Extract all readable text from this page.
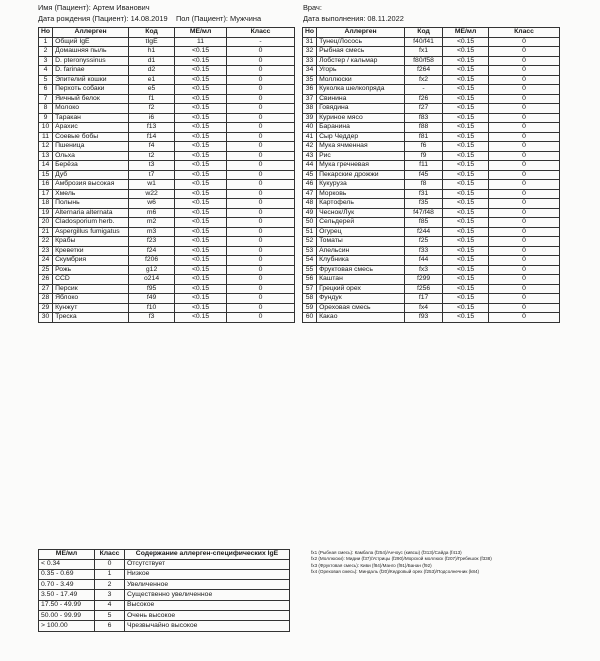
Имя (Пациент): Артем Иванович
Дата рождения (Пациент): 14.08.2019 Пол (Пациент): Мужчина
Врач:
Дата выполнения: 08.11.2022
Но	Аллерген	Код	МЕ/мл	Класс
1	Общий IgE	tIgE	11	-
2	Домашняя пыль	h1	<0.15	0
3	D. pteronyssinus	d1	<0.15	0
4	D. farinae	d2	<0.15	0
5	Эпителий кошки	e1	<0.15	0
6	Перхоть собаки	e5	<0.15	0
7	Яичный белок	f1	<0.15	0
8	Молоко	f2	<0.15	0
9	Таракан	i6	<0.15	0
10	Арахис	f13	<0.15	0
11	Соевые бобы	f14	<0.15	0
12	Пшеница	f4	<0.15	0
13	Ольха	t2	<0.15	0
14	Берёза	t3	<0.15	0
15	Дуб	t7	<0.15	0
16	Амброзия высокая	w1	<0.15	0
17	Хмель	w22	<0.15	0
18	Полынь	w6	<0.15	0
19	Alternaria alternata	m6	<0.15	0
20	Cladosporium herb.	m2	<0.15	0
21	Aspergillus fumigatus	m3	<0.15	0
22	Крабы	f23	<0.15	0
23	Креветки	f24	<0.15	0
24	Скумбрия	f206	<0.15	0
25	Рожь	g12	<0.15	0
26	CCD	o214	<0.15	0
27	Персик	f95	<0.15	0
28	Яблоко	f49	<0.15	0
29	Кунжут	f10	<0.15	0
30	Треска	f3	<0.15	0
Но	Аллерген	Код	МЕ/мл	Класс
31	Тунец/Лосось	f40/f41	<0.15	0
32	Рыбная смесь	fx1	<0.15	0
33	Лобстер / кальмар	f80/f58	<0.15	0
34	Угорь	f264	<0.15	0
35	Моллюски	fx2	<0.15	0
36	Куколка шелкопряда	-	<0.15	0
37	Свинина	f26	<0.15	0
38	Говядина	f27	<0.15	0
39	Куриное мясо	f83	<0.15	0
40	Баранина	f88	<0.15	0
41	Сыр Чеддер	f81	<0.15	0
42	Мука ячменная	f6	<0.15	0
43	Рис	f9	<0.15	0
44	Мука гречневая	f11	<0.15	0
45	Пекарские дрожжи	f45	<0.15	0
46	Кукуруза	f8	<0.15	0
47	Морковь	f31	<0.15	0
48	Картофель	f35	<0.15	0
49	Чеснок/Лук	f47/f48	<0.15	0
50	Сельдерей	f85	<0.15	0
51	Огурец	f244	<0.15	0
52	Томаты	f25	<0.15	0
53	Апельсин	f33	<0.15	0
54	Клубника	f44	<0.15	0
55	Фруктовая смесь	fx3	<0.15	0
56	Каштан	f299	<0.15	0
57	Грецкий орех	f256	<0.15	0
58	Фундук	f17	<0.15	0
59	Ореховая смесь	fx4	<0.15	0
60	Какао	f93	<0.15	0
МЕ/мл	Класс	Содержание аллерген-специфических IgE
< 0.34	0	Отсутствует
0.35 - 0.69	1	Низкое
0.70 - 3.49	2	Увеличенное
3.50 - 17.49	3	Существенно увеличенное
17.50 - 49.99	4	Высокое
50.00 - 99.99	5	Очень высокое
> 100.00	6	Чрезвычайно высокое
fx1 (Рыбная смесь): Камбала (f254)/Анчоус (кивсш) (f313)/Сайда (f413)
fx2 (Моллюски): Мидии (f37)/Устрицы (f290)/Морской моллюск (f207)/Гребешок (f338)
fx3 (Фруктовая смесь): Киви (f84)/Манго (f91)/Банан (f92)
fx4 (Ореховая смесь): Миндаль (f20)/Кедровый орех (f253)/Подсолнечник (k84)
